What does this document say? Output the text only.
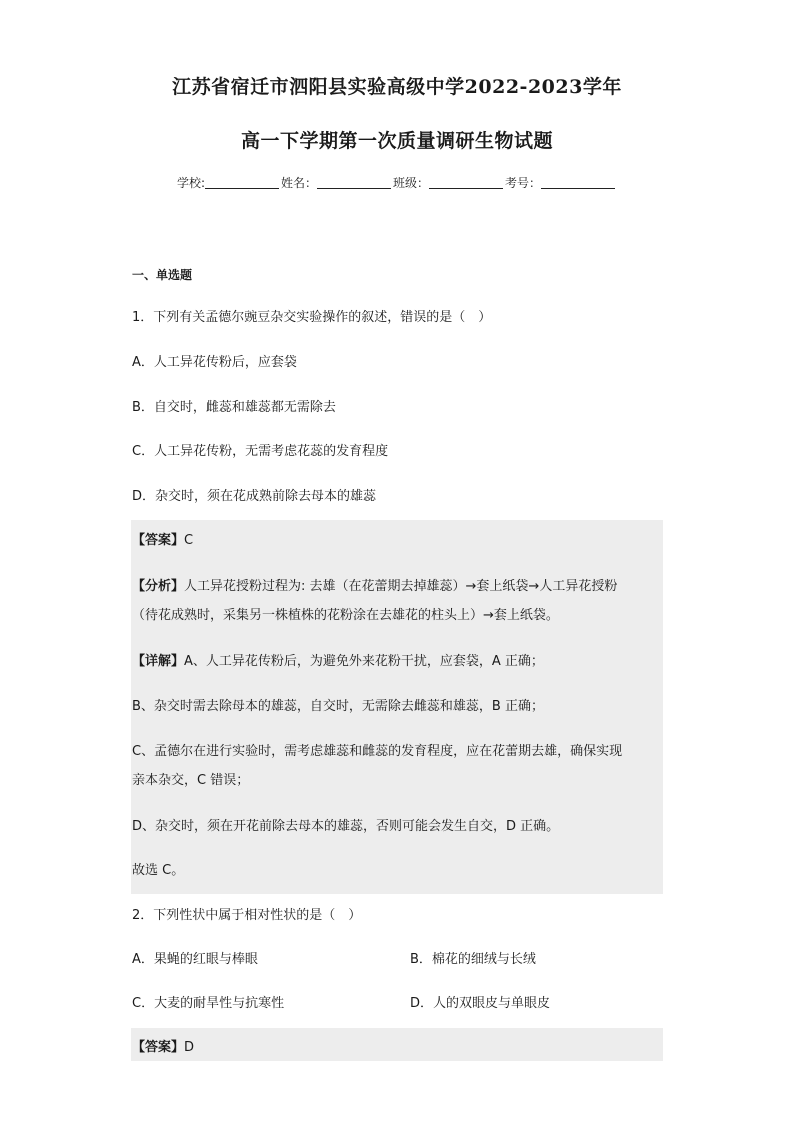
江苏省宿迁市泗阳县实验高级中学2022-2023学年
高一下学期第一次质量调研生物试题
学校:	姓名：	班级：	考号：
一、单选题
1．下列有关孟德尔豌豆杂交实验操作的叙述，错误的是（　）
A．人工异花传粉后，应套袋
B．自交时，雌蕊和雄蕊都无需除去
C．人工异花传粉，无需考虑花蕊的发育程度
D．杂交时，须在花成熟前除去母本的雄蕊
【答案】C
【分析】人工异花授粉过程为: 去雄（在花蕾期去掉雄蕊）→套上纸袋→人工异花授粉
（待花成熟时，采集另一株植株的花粉涂在去雄花的柱头上）→套上纸袋。
【详解】A、人工异花传粉后，为避免外来花粉干扰，应套袋，A 正确；
B、杂交时需去除母本的雄蕊，自交时，无需除去雌蕊和雄蕊，B 正确；
C、孟德尔在进行实验时，需考虑雄蕊和雌蕊的发育程度，应在花蕾期去雄，确保实现
亲本杂交，C 错误；
D、杂交时，须在开花前除去母本的雄蕊，否则可能会发生自交，D 正确。
故选 C。
2．下列性状中属于相对性状的是（　）
A．果蝇的红眼与棒眼	B．棉花的细绒与长绒
C．大麦的耐旱性与抗寒性	D．人的双眼皮与单眼皮
【答案】D
